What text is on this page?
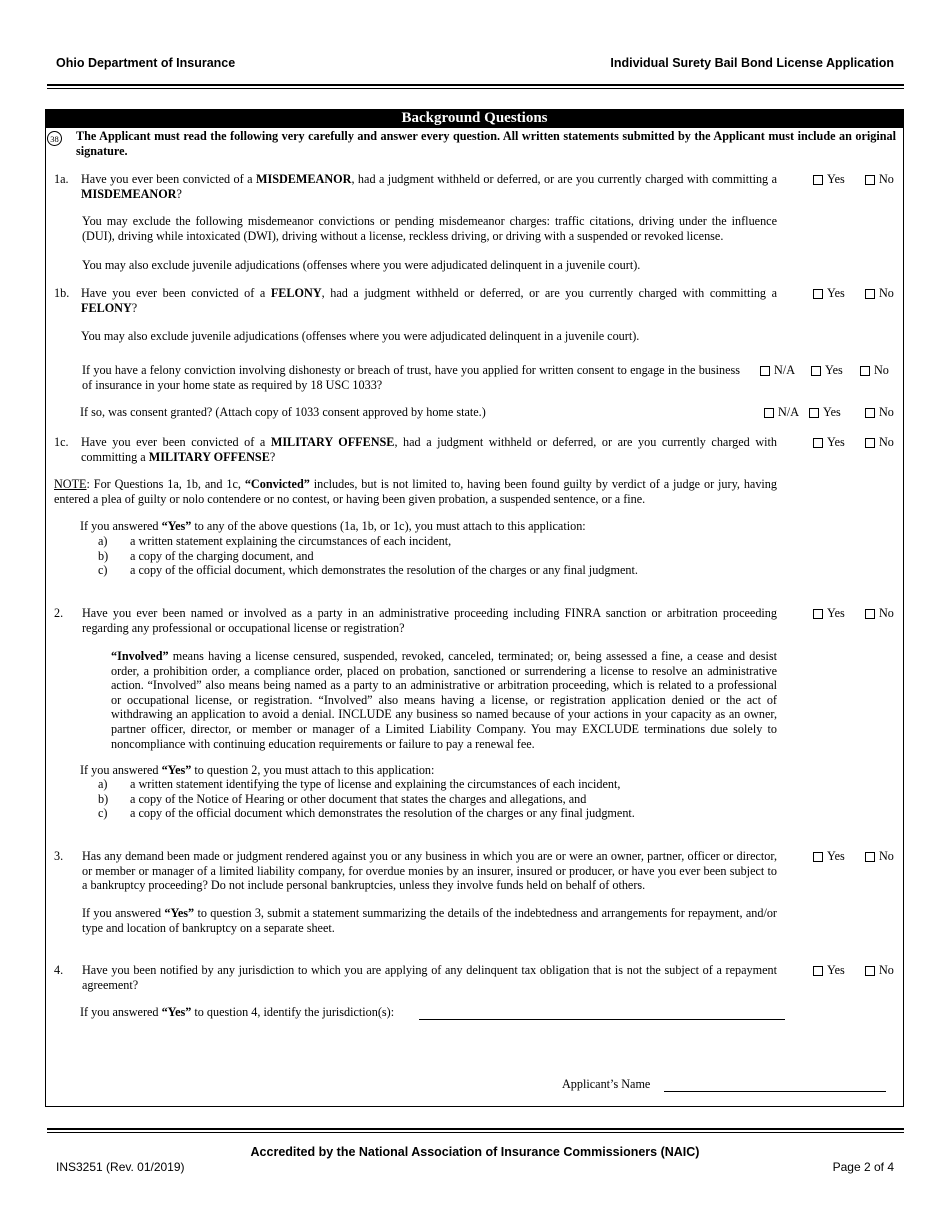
Ohio Department of Insurance	Individual Surety Bail Bond License Application
Background Questions
38 The Applicant must read the following very carefully and answer every question. All written statements submitted by the Applicant must include an original signature.
1a. Have you ever been convicted of a MISDEMEANOR, had a judgment withheld or deferred, or are you currently charged with committing a MISDEMEANOR?
Yes	No
You may exclude the following misdemeanor convictions or pending misdemeanor charges: traffic citations, driving under the influence (DUI), driving while intoxicated (DWI), driving without a license, reckless driving, or driving with a suspended or revoked license.
You may also exclude juvenile adjudications (offenses where you were adjudicated delinquent in a juvenile court).
1b. Have you ever been convicted of a FELONY, had a judgment withheld or deferred, or are you currently charged with committing a FELONY?
Yes	No
You may also exclude juvenile adjudications (offenses where you were adjudicated delinquent in a juvenile court).
If you have a felony conviction involving dishonesty or breach of trust, have you applied for written consent to engage in the business of insurance in your home state as required by 18 USC 1033?
N/A Yes	No
If so, was consent granted? (Attach copy of 1033 consent approved by home state.)	N/A Yes	No
1c. Have you ever been convicted of a MILITARY OFFENSE, had a judgment withheld or deferred, or are you currently charged with committing a MILITARY OFFENSE?
Yes	No
NOTE: For Questions 1a, 1b, and 1c, “Convicted” includes, but is not limited to, having been found guilty by verdict of a judge or jury, having entered a plea of guilty or nolo contendere or no contest, or having been given probation, a suspended sentence, or a fine.
If you answered “Yes” to any of the above questions (1a, 1b, or 1c), you must attach to this application:
a)	a written statement explaining the circumstances of each incident,
b)	a copy of the charging document, and
c)	a copy of the official document, which demonstrates the resolution of the charges or any final judgment.
2. Have you ever been named or involved as a party in an administrative proceeding including FINRA sanction or arbitration proceeding regarding any professional or occupational license or registration?
Yes	No
“Involved” means having a license censured, suspended, revoked, canceled, terminated; or, being assessed a fine, a cease and desist order, a prohibition order, a compliance order, placed on probation, sanctioned or surrendering a license to resolve an administrative action. “Involved” also means being named as a party to an administrative or arbitration proceeding, which is related to a professional or occupational license, or registration. “Involved” also means having a license, or registration application denied or the act of withdrawing an application to avoid a denial. INCLUDE any business so named because of your actions in your capacity as an owner, partner officer, director, or member or manager of a Limited Liability Company. You may EXCLUDE terminations due solely to noncompliance with continuing education requirements or failure to pay a renewal fee.
If you answered “Yes” to question 2, you must attach to this application:
a)	a written statement identifying the type of license and explaining the circumstances of each incident,
b)	a copy of the Notice of Hearing or other document that states the charges and allegations, and
c)	a copy of the official document which demonstrates the resolution of the charges or any final judgment.
3. Has any demand been made or judgment rendered against you or any business in which you are or were an owner, partner, officer or director, or member or manager of a limited liability company, for overdue monies by an insurer, insured or producer, or have you ever been subject to a bankruptcy proceeding? Do not include personal bankruptcies, unless they involve funds held on behalf of others.
Yes	No
If you answered “Yes” to question 3, submit a statement summarizing the details of the indebtedness and arrangements for repayment, and/or type and location of bankruptcy on a separate sheet.
4. Have you been notified by any jurisdiction to which you are applying of any delinquent tax obligation that is not the subject of a repayment agreement?
Yes	No
If you answered “Yes” to question 4, identify the jurisdiction(s):
Applicant’s Name
Accredited by the National Association of Insurance Commissioners (NAIC)
INS3251 (Rev. 01/2019)	Page 2 of 4
